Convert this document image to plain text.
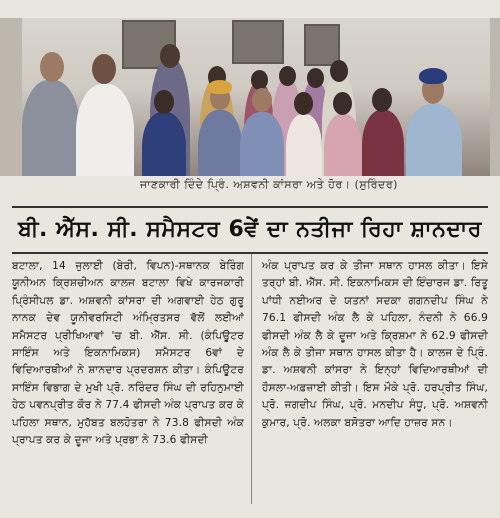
ਜਾਣਕਾਰੀ ਦਿੰਦੇ ਪ੍ਰਿੰ. ਅਸ਼ਵਨੀ ਕਾਂਸਰਾ ਅਤੇ ਹੋਰ। (ਸੁਰਿੰਦਰ)
ਬੀ. ਐੱਸ. ਸੀ. ਸਮੈਸਟਰ 6ਵੇਂ ਦਾ ਨਤੀਜਾ ਰਿਹਾ ਸ਼ਾਨਦਾਰ
ਬਟਾਲਾ, 14 ਜੁਲਾਈ (ਬੇਰੀ, ਵਿਪਨ)-ਸਥਾਨਕ ਬੇਰਿੰਗ ਯੂਨੀਅਨ ਕ੍ਰਿਸ਼ਚੀਅਨ ਕਾਲਜ ਬਟਾਲਾ ਵਿਖੇ ਕਾਰਜਕਾਰੀ ਪ੍ਰਿੰਸੀਪਲ ਡਾ. ਅਸ਼ਵਨੀ ਕਾਂਸਰਾ ਦੀ ਅਗਵਾਈ ਹੇਠ ਗੁਰੂ ਨਾਨਕ ਦੇਵ ਯੂਨੀਵਰਸਿਟੀ ਅੰਮ੍ਰਿਤਸਰ ਵੱਲੋਂ ਲਈਆਂ ਸਮੈਸਟਰ ਪ੍ਰੀਖਿਆਵਾਂ 'ਚ ਬੀ. ਐੱਸ. ਸੀ. (ਕੰਪਿਊਟਰ ਸਾਇੰਸ ਅਤੇ ਇਕਨਾਮਿਕਸ) ਸਮੈਸਟਰ 6ਵਾਂ ਦੇ ਵਿਦਿਆਰਥੀਆਂ ਨੇ ਸ਼ਾਨਦਾਰ ਪ੍ਰਦਰਸ਼ਨ ਕੀਤਾ। ਕੰਪਿਊਟਰ ਸਾਇੰਸ ਵਿਭਾਗ ਦੇ ਮੁਖੀ ਪ੍ਰੋ. ਨਰਿੰਦਰ ਸਿੰਘ ਦੀ ਰਹਿਨੁਮਾਈ ਹੇਠ ਪਵਨਪ੍ਰੀਤ ਕੌਰ ਨੇ 77.4 ਫੀਸਦੀ ਅੰਕ ਪ੍ਰਾਪਤ ਕਰ ਕੇ ਪਹਿਲਾ ਸਥਾਨ, ਮੁਹੱਬਤ ਬਲਹੋਤਰਾ ਨੇ 73.8 ਫੀਸਦੀ ਅੰਕ ਪ੍ਰਾਪਤ ਕਰ ਕੇ ਦੂਜਾ ਅਤੇ ਪ੍ਰਭਾ ਨੇ 73.6 ਫੀਸਦੀ
ਅੰਕ ਪ੍ਰਾਪਤ ਕਰ ਕੇ ਤੀਜਾ ਸਥਾਨ ਹਾਸਲ ਕੀਤਾ। ਇਸੇ ਤਰ੍ਹਾਂ ਬੀ. ਐੱਸ. ਸੀ. ਇਕਨਾਮਿਕਸ ਦੀ ਇੰਚਾਰਜ ਡਾ. ਰਿਤੂ ਪਾਂਧੀ ਨਈਅਰ ਦੇ ਯਤਨਾਂ ਸਦਕਾ ਗਗਨਦੀਪ ਸਿੰਘ ਨੇ 76.1 ਫੀਸਦੀ ਅੰਕ ਲੈ ਕੇ ਪਹਿਲਾ, ਨੰਦਨੀ ਨੇ 66.9 ਫੀਸਦੀ ਅੰਕ ਲੈ ਕੇ ਦੂਜਾ ਅਤੇ ਕ੍ਰਿਸ਼ਮਾ ਨੇ 62.9 ਫੀਸਦੀ ਅੰਕ ਲੈ ਕੇ ਤੀਜਾ ਸਥਾਨ ਹਾਸਲ ਕੀਤਾ ਹੈ। ਕਾਲਜ ਦੇ ਪ੍ਰਿੰ. ਡਾ. ਅਸ਼ਵਨੀ ਕਾਂਸਰਾ ਨੇ ਇਨ੍ਹਾਂ ਵਿਦਿਆਰਥੀਆਂ ਦੀ ਹੌਸਲਾ-ਅਫ਼ਜ਼ਾਈ ਕੀਤੀ। ਇਸ ਮੌਕੇ ਪ੍ਰੋ. ਹਰਪ੍ਰੀਤ ਸਿੰਘ, ਪ੍ਰੋ. ਜਗਦੀਪ ਸਿੰਘ, ਪ੍ਰੋ. ਮਨਦੀਪ ਸੰਧੂ, ਪ੍ਰੋ. ਅਸ਼ਵਨੀ ਕੁਮਾਰ, ਪ੍ਰੋ. ਅਲਕਾ ਬਸੋਤਰਾ ਆਦਿ ਹਾਜ਼ਰ ਸਨ।
